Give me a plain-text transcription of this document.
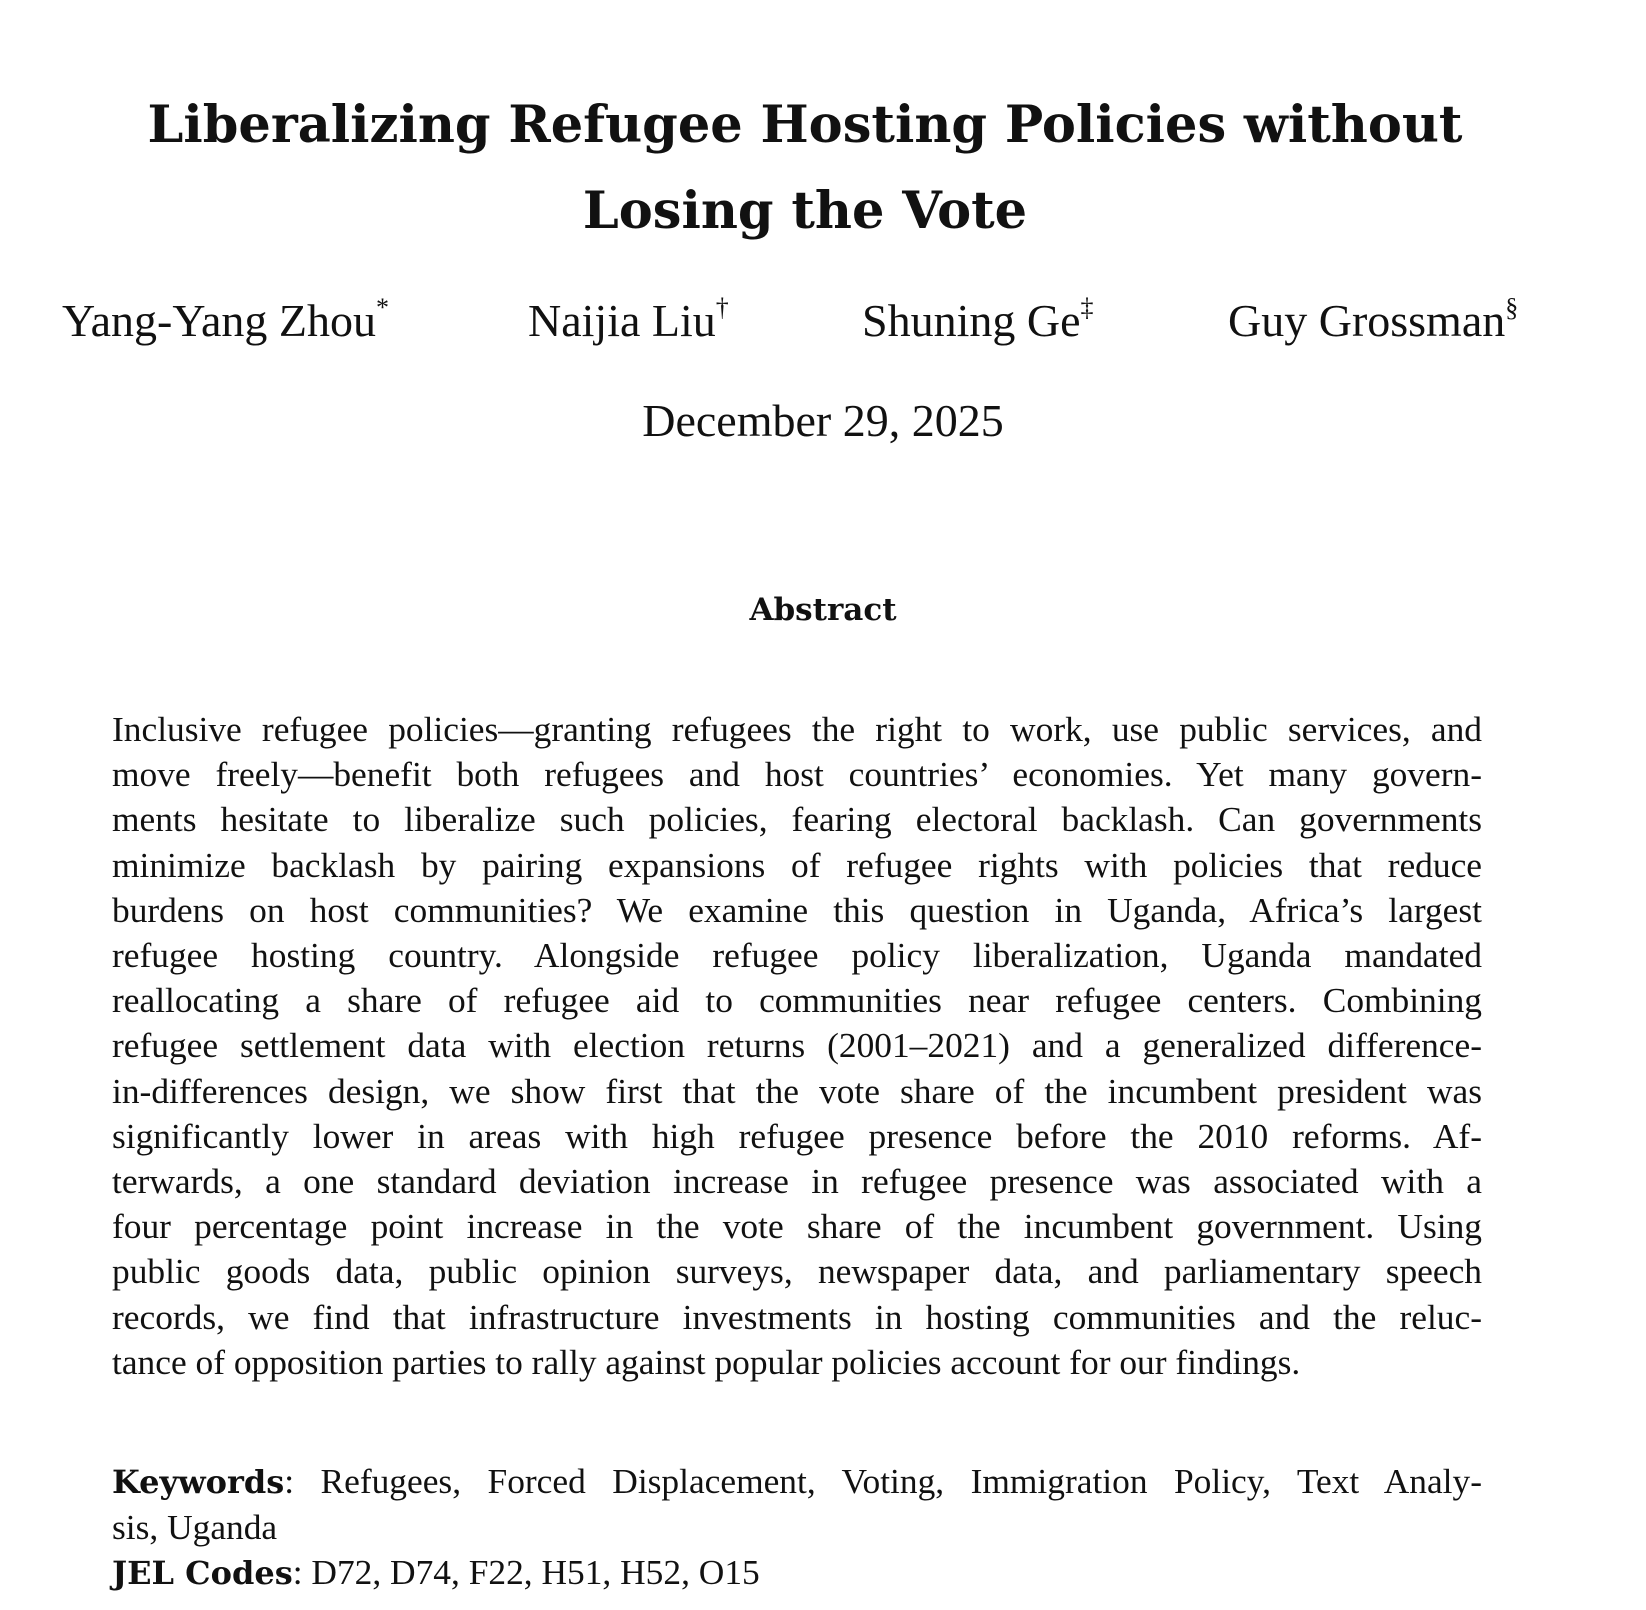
Liberalizing Refugee Hosting Policies without
Losing the Vote
Yang-Yang Zhou*	Naijia Liu†	Shuning Ge‡	Guy Grossman§
December 29, 2025
Abstract
Inclusive refugee policies—granting refugees the right to work, use public services, and
move freely—benefit both refugees and host countries’ economies. Yet many govern-
ments hesitate to liberalize such policies, fearing electoral backlash. Can governments
minimize backlash by pairing expansions of refugee rights with policies that reduce
burdens on host communities? We examine this question in Uganda, Africa’s largest
refugee hosting country. Alongside refugee policy liberalization, Uganda mandated
reallocating a share of refugee aid to communities near refugee centers. Combining
refugee settlement data with election returns (2001–2021) and a generalized difference-
in-differences design, we show first that the vote share of the incumbent president was
significantly lower in areas with high refugee presence before the 2010 reforms. Af-
terwards, a one standard deviation increase in refugee presence was associated with a
four percentage point increase in the vote share of the incumbent government. Using
public goods data, public opinion surveys, newspaper data, and parliamentary speech
records, we find that infrastructure investments in hosting communities and the reluc-
tance of opposition parties to rally against popular policies account for our findings.
Keywords: Refugees, Forced Displacement, Voting, Immigration Policy, Text Analy-
sis, Uganda
JEL Codes: D72, D74, F22, H51, H52, O15
